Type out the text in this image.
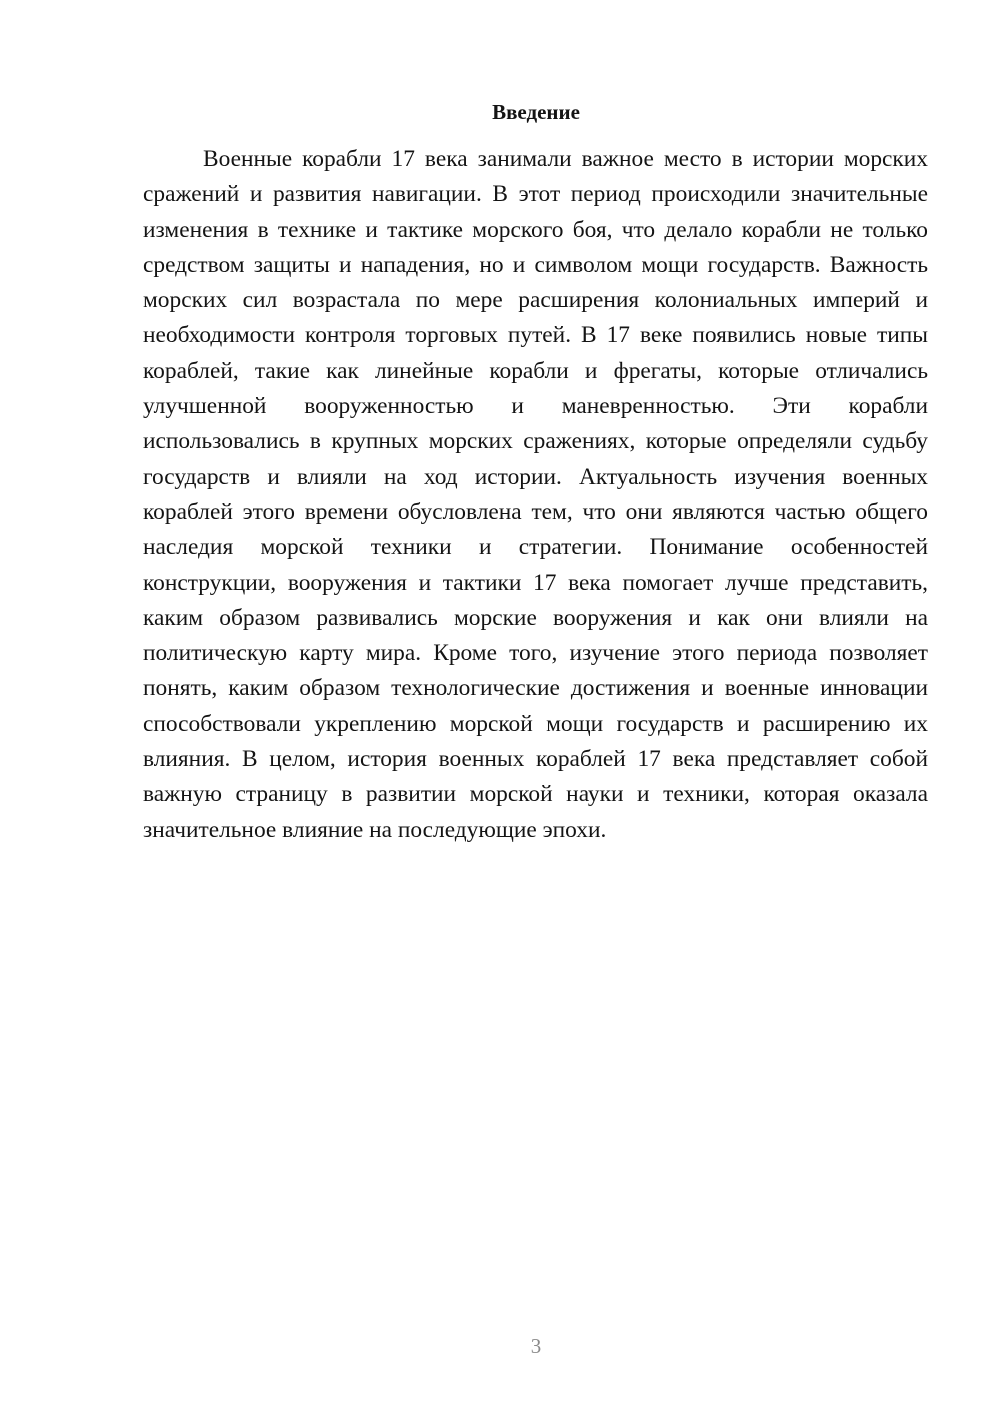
Введение

Военные корабли 17 века занимали важное место в истории морских сражений и развития навигации. В этот период происходили значительные изменения в технике и тактике морского боя, что делало корабли не только средством защиты и нападения, но и символом мощи государств. Важность морских сил возрастала по мере расширения колониальных империй и необходимости контроля торговых путей. В 17 веке появились новые типы кораблей, такие как линейные корабли и фрегаты, которые отличались улучшенной вооруженностью и маневренностью. Эти корабли использовались в крупных морских сражениях, которые определяли судьбу государств и влияли на ход истории. Актуальность изучения военных кораблей этого времени обусловлена тем, что они являются частью общего наследия морской техники и стратегии. Понимание особенностей конструкции, вооружения и тактики 17 века помогает лучше представить, каким образом развивались морские вооружения и как они влияли на политическую карту мира. Кроме того, изучение этого периода позволяет понять, каким образом технологические достижения и военные инновации способствовали укреплению морской мощи государств и расширению их влияния. В целом, история военных кораблей 17 века представляет собой важную страницу в развитии морской науки и техники, которая оказала значительное влияние на последующие эпохи.

3
